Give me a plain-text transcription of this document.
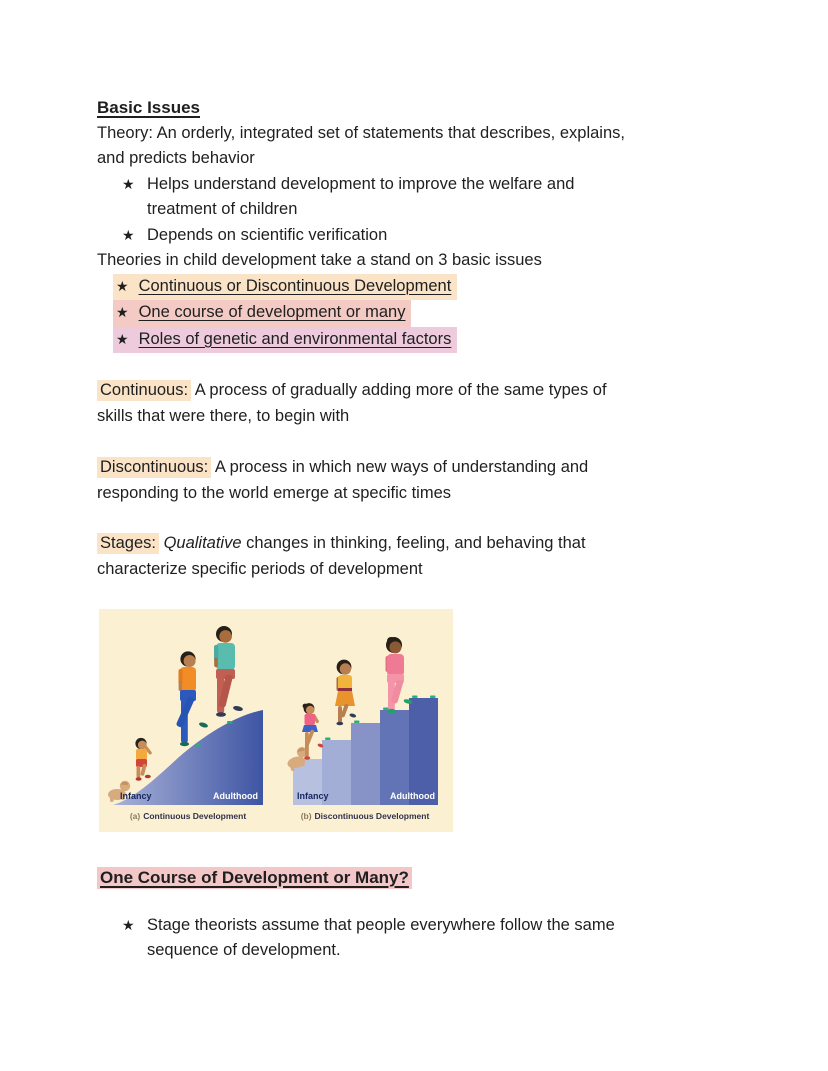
Basic Issues

Theory: An orderly, integrated set of statements that describes, explains,
and predicts behavior

★ Helps understand development to improve the welfare and
treatment of children
★ Depends on scientific verification

Theories in child development take a stand on 3 basic issues

★ Continuous or Discontinuous Development
★ One course of development or many
★ Roles of genetic and environmental factors

Continuous: A process of gradually adding more of the same types of
skills that were there, to begin with

Discontinuous: A process in which new ways of understanding and
responding to the world emerge at specific times

Stages: Qualitative changes in thinking, feeling, and behaving that
characterize specific periods of development

Infancy	Adulthood
(a) Continuous Development
Infancy	Adulthood
(b) Discontinuous Development
One Course of Development or Many?
★ Stage theorists assume that people everywhere follow the same
sequence of development.
